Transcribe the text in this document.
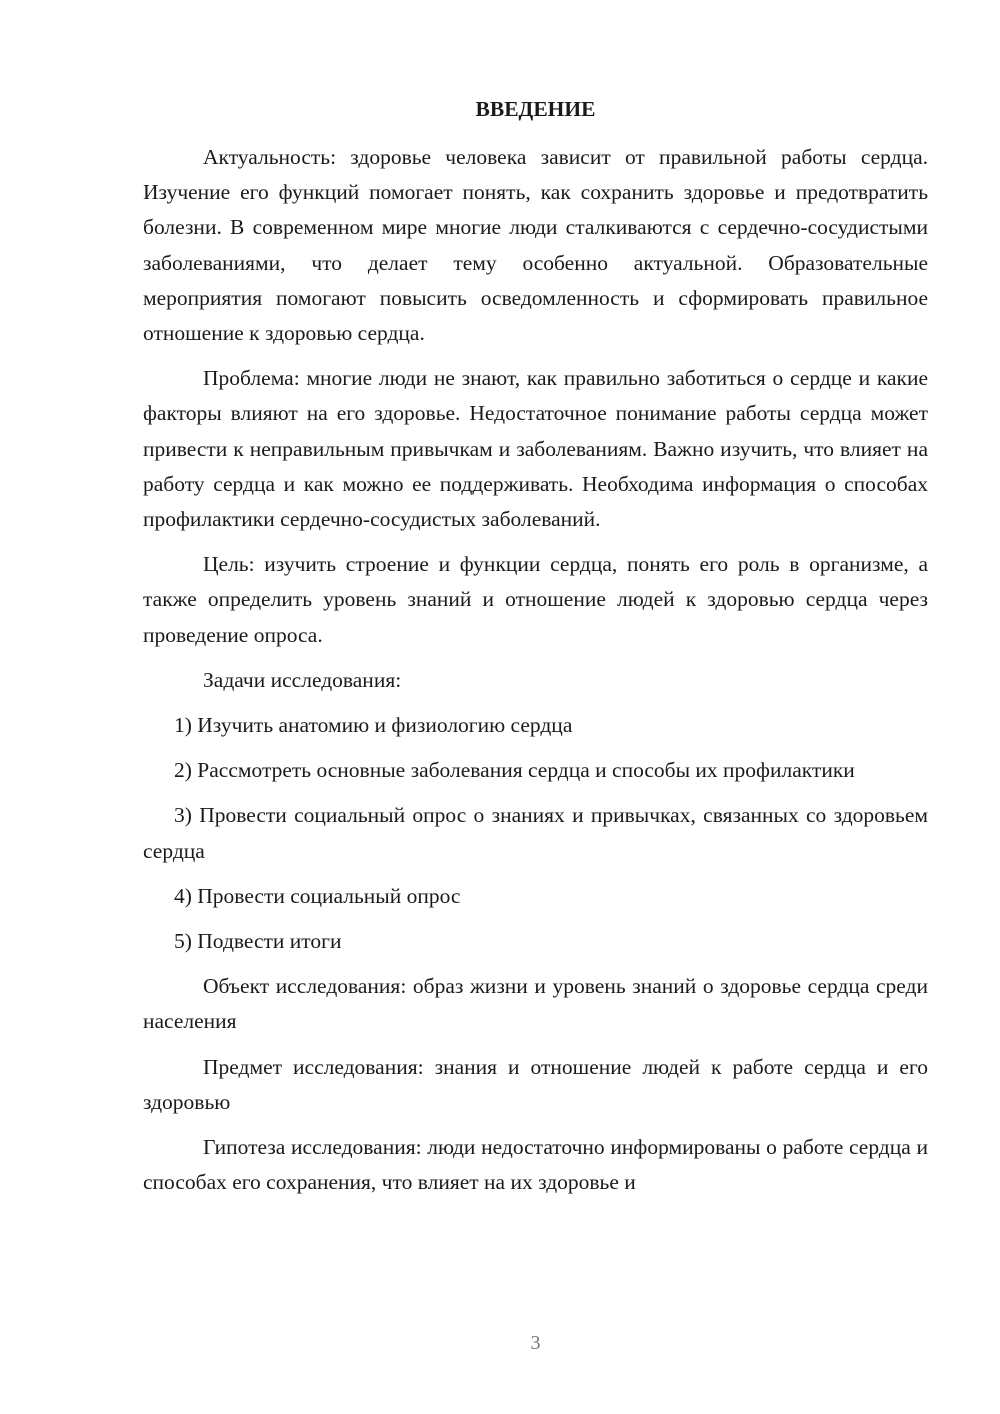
ВВЕДЕНИЕ

Актуальность: здоровье человека зависит от правильной работы сердца. Изучение его функций помогает понять, как сохранить здоровье и предотвратить болезни. В современном мире многие люди сталкиваются с сердечно-сосудистыми заболеваниями, что делает тему особенно актуальной. Образовательные мероприятия помогают повысить осведомленность и сформировать правильное отношение к здоровью сердца.

Проблема: многие люди не знают, как правильно заботиться о сердце и какие факторы влияют на его здоровье. Недостаточное понимание работы сердца может привести к неправильным привычкам и заболеваниям. Важно изучить, что влияет на работу сердца и как можно ее поддерживать. Необходима информация о способах профилактики сердечно-сосудистых заболеваний.

Цель: изучить строение и функции сердца, понять его роль в организме, а также определить уровень знаний и отношение людей к здоровью сердца через проведение опроса.

Задачи исследования:

1) Изучить анатомию и физиологию сердца

2) Рассмотреть основные заболевания сердца и способы их профилактики

3) Провести социальный опрос о знаниях и привычках, связанных со здоровьем сердца

4) Провести социальный опрос

5) Подвести итоги

Объект исследования: образ жизни и уровень знаний о здоровье сердца среди населения

Предмет исследования: знания и отношение людей к работе сердца и его здоровью

Гипотеза исследования: люди недостаточно информированы о работе сердца и способах его сохранения, что влияет на их здоровье и

3
